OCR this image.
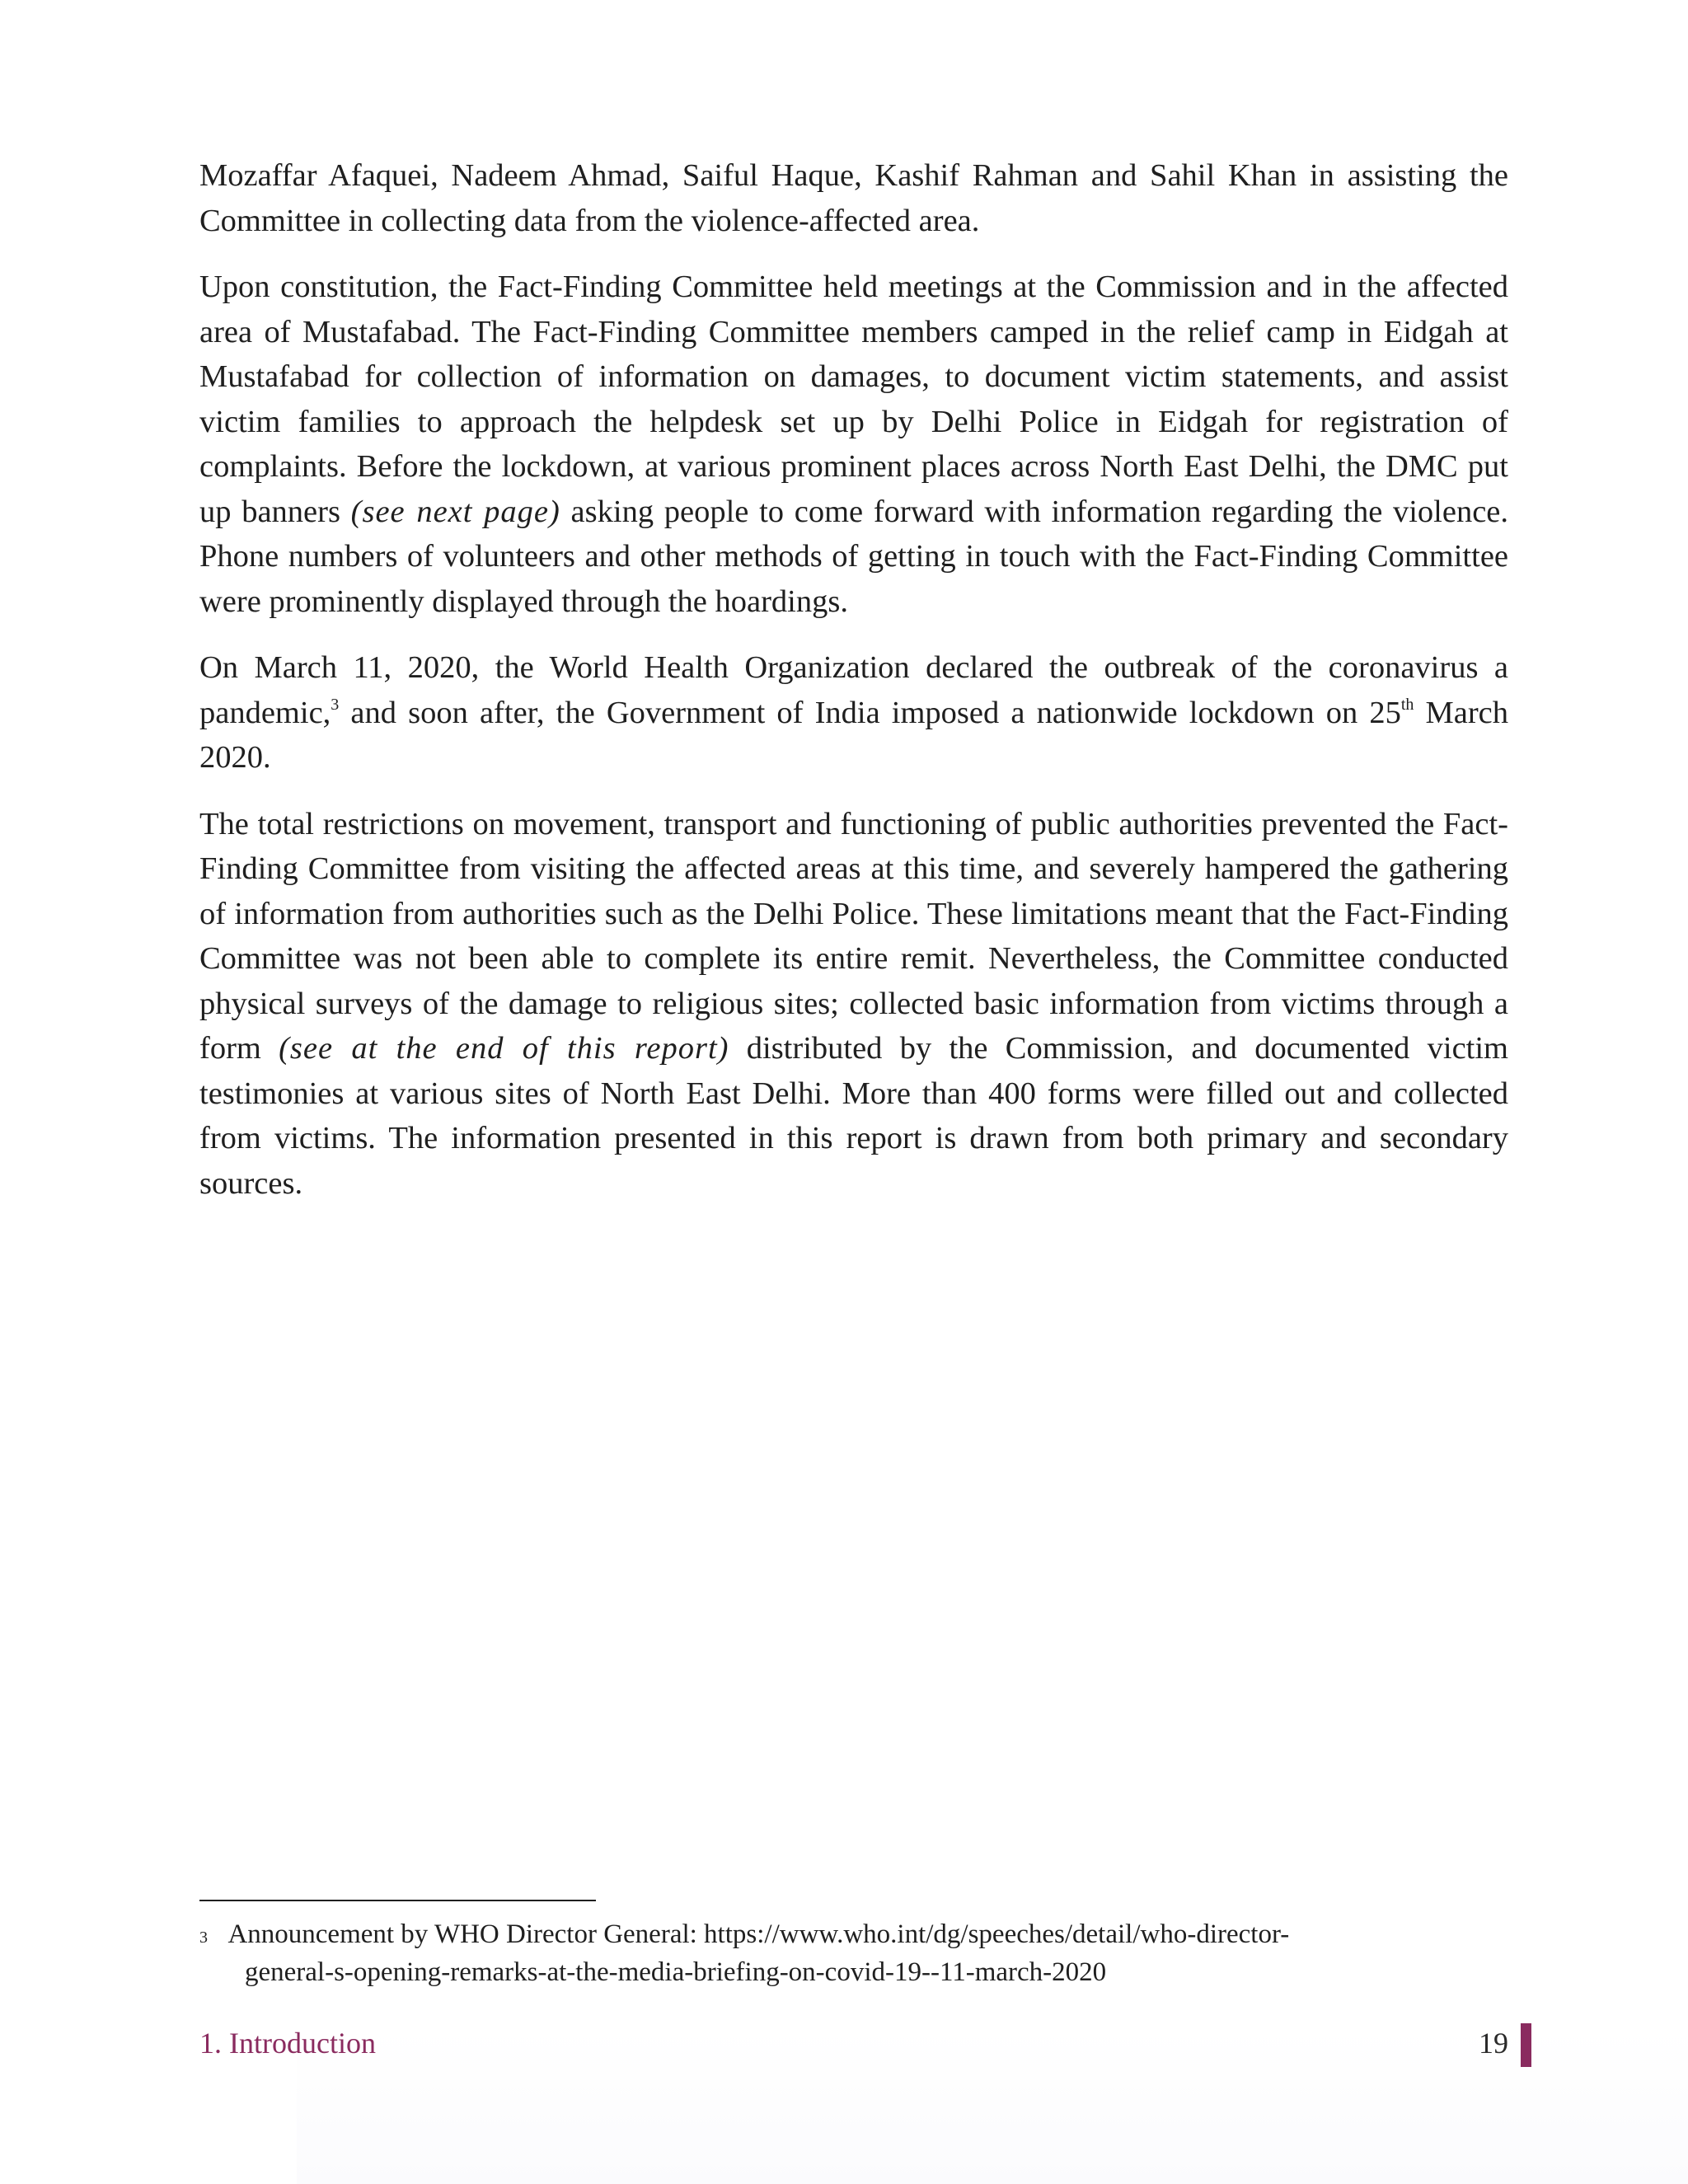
Mozaffar Afaquei, Nadeem Ahmad, Saiful Haque, Kashif Rahman and Sahil Khan in assisting the Committee in collecting data from the violence-affected area.

Upon constitution, the Fact-Finding Committee held meetings at the Commission and in the affected area of Mustafabad. The Fact-Finding Committee members camped in the relief camp in Eidgah at Mustafabad for collection of information on damages, to document victim statements, and assist victim families to approach the helpdesk set up by Delhi Police in Eidgah for registration of complaints. Before the lockdown, at various prominent places across North East Delhi, the DMC put up banners (see next page) asking people to come forward with information regarding the violence. Phone numbers of volunteers and other methods of getting in touch with the Fact-Finding Committee were prominently displayed through the hoardings.

On March 11, 2020, the World Health Organization declared the outbreak of the coronavirus a pandemic,$^3$ and soon after, the Government of India imposed a nationwide lockdown on 25th March 2020.

The total restrictions on movement, transport and functioning of public authorities prevented the Fact-Finding Committee from visiting the affected areas at this time, and severely hampered the gathering of information from authorities such as the Delhi Police. These limitations meant that the Fact-Finding Committee was not been able to complete its entire remit. Nevertheless, the Committee conducted physical surveys of the damage to religious sites; collected basic information from victims through a form (see at the end of this report) distributed by the Commission, and documented victim testimonies at various sites of North East Delhi. More than 400 forms were filled out and collected from victims. The information presented in this report is drawn from both primary and secondary sources.

3 Announcement by WHO Director General: https://www.who.int/dg/speeches/detail/who-director-
general-s-opening-remarks-at-the-media-briefing-on-covid-19--11-march-2020
1. Introduction	19
